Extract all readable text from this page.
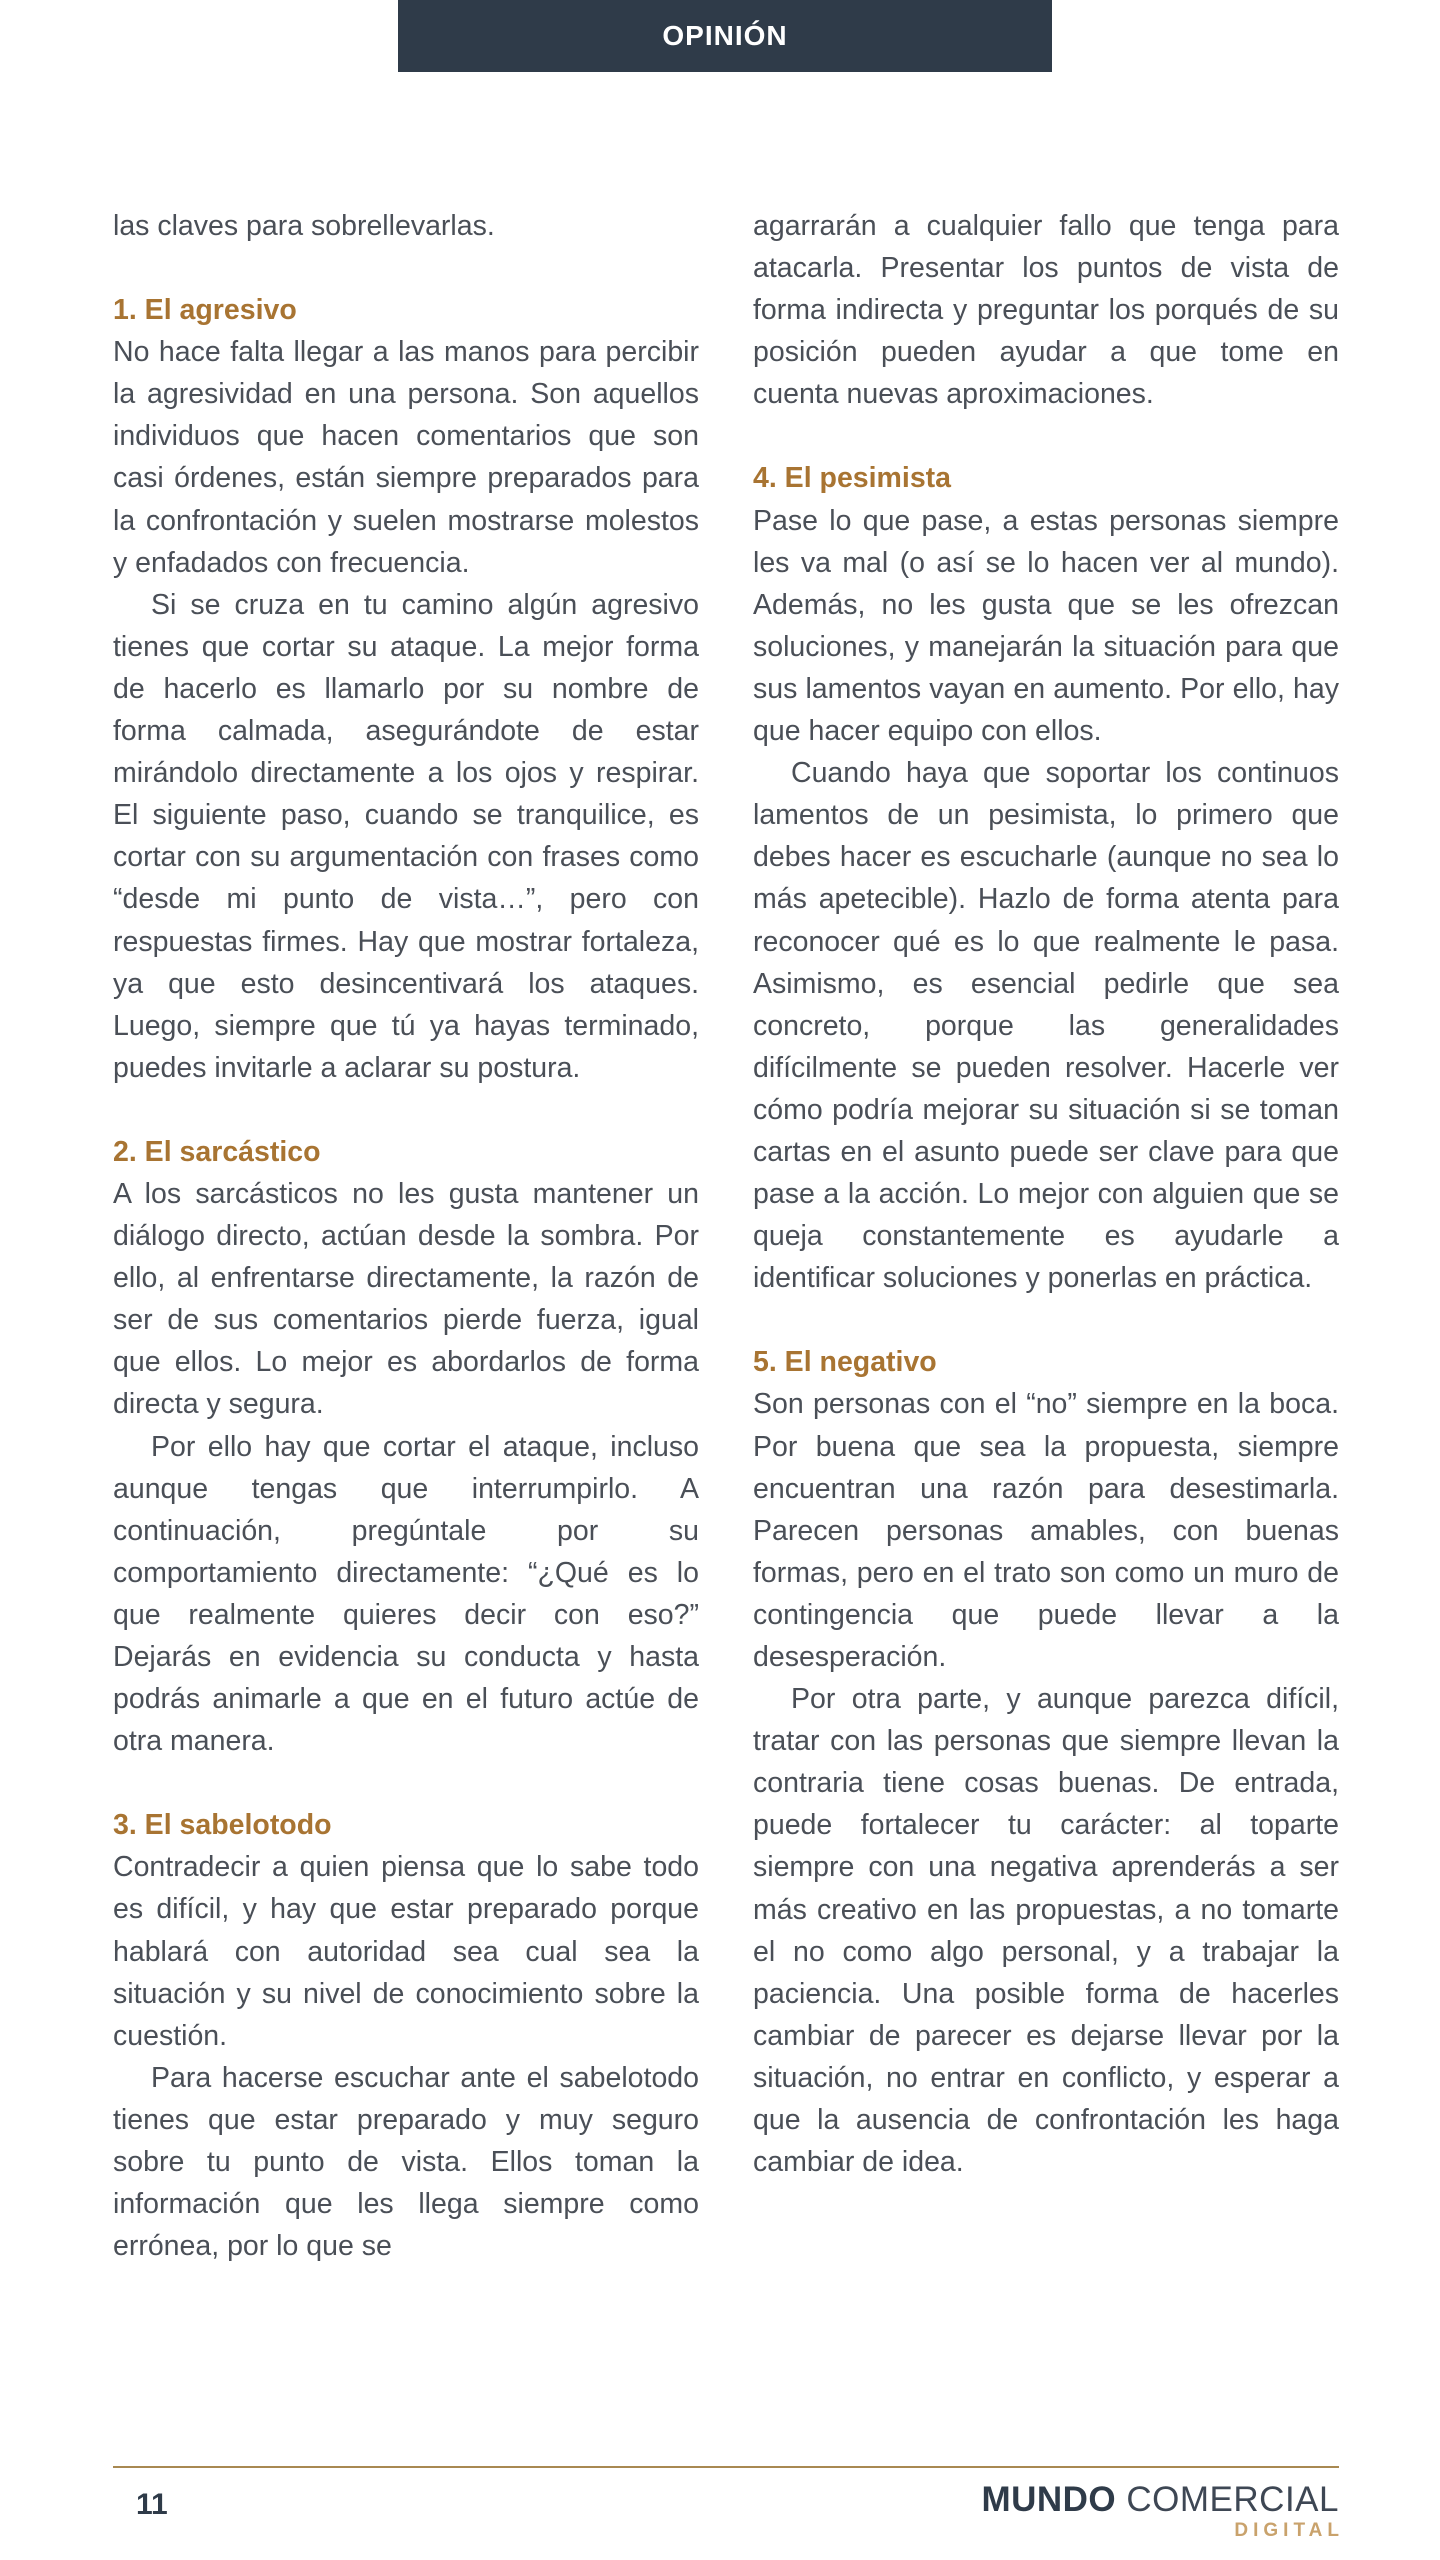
OPINIÓN

las claves para sobrellevarlas.

1. El agresivo

No hace falta llegar a las manos para percibir la agresividad en una persona. Son aquellos individuos que hacen comentarios que son casi órdenes, están siempre preparados para la confrontación y suelen mostrarse molestos y enfadados con frecuencia.

Si se cruza en tu camino algún agresivo tienes que cortar su ataque. La mejor forma de hacerlo es llamarlo por su nombre de forma calmada, asegurándote de estar mirándolo directamente a los ojos y respirar. El siguiente paso, cuando se tranquilice, es cortar con su argumentación con frases como “desde mi punto de vista…”, pero con respuestas firmes. Hay que mostrar fortaleza, ya que esto desincentivará los ataques. Luego, siempre que tú ya hayas terminado, puedes invitarle a aclarar su postura.

2. El sarcástico

A los sarcásticos no les gusta mantener un diálogo directo, actúan desde la sombra. Por ello, al enfrentarse directamente, la razón de ser de sus comentarios pierde fuerza, igual que ellos. Lo mejor es abordarlos de forma directa y segura.

Por ello hay que cortar el ataque, incluso aunque tengas que interrumpirlo. A continuación, pregúntale por su comportamiento directamente: “¿Qué es lo que realmente quieres decir con eso?” Dejarás en evidencia su conducta y hasta podrás animarle a que en el futuro actúe de otra manera.

3. El sabelotodo

Contradecir a quien piensa que lo sabe todo es difícil, y hay que estar preparado porque hablará con autoridad sea cual sea la situación y su nivel de conocimiento sobre la cuestión.

Para hacerse escuchar ante el sabelotodo tienes que estar preparado y muy seguro sobre tu punto de vista. Ellos toman la información que les llega siempre como errónea, por lo que se

agarrarán a cualquier fallo que tenga para atacarla. Presentar los puntos de vista de forma indirecta y preguntar los porqués de su posición pueden ayudar a que tome en cuenta nuevas aproximaciones.

4. El pesimista

Pase lo que pase, a estas personas siempre les va mal (o así se lo hacen ver al mundo). Además, no les gusta que se les ofrezcan soluciones, y manejarán la situación para que sus lamentos vayan en aumento. Por ello, hay que hacer equipo con ellos.

Cuando haya que soportar los continuos lamentos de un pesimista, lo primero que debes hacer es escucharle (aunque no sea lo más apetecible). Hazlo de forma atenta para reconocer qué es lo que realmente le pasa. Asimismo, es esencial pedirle que sea concreto, porque las generalidades difícilmente se pueden resolver. Hacerle ver cómo podría mejorar su situación si se toman cartas en el asunto puede ser clave para que pase a la acción. Lo mejor con alguien que se queja constantemente es ayudarle a identificar soluciones y ponerlas en práctica.

5. El negativo

Son personas con el “no” siempre en la boca. Por buena que sea la propuesta, siempre encuentran una razón para desestimarla. Parecen personas amables, con buenas formas, pero en el trato son como un muro de contingencia que puede llevar a la desesperación.

Por otra parte, y aunque parezca difícil, tratar con las personas que siempre llevan la contraria tiene cosas buenas. De entrada, puede fortalecer tu carácter: al toparte siempre con una negativa aprenderás a ser más creativo en las propuestas, a no tomarte el no como algo personal, y a trabajar la paciencia. Una posible forma de hacerles cambiar de parecer es dejarse llevar por la situación, no entrar en conflicto, y esperar a que la ausencia de confrontación les haga cambiar de idea.

11	MUNDO COMERCIAL
DIGITAL
